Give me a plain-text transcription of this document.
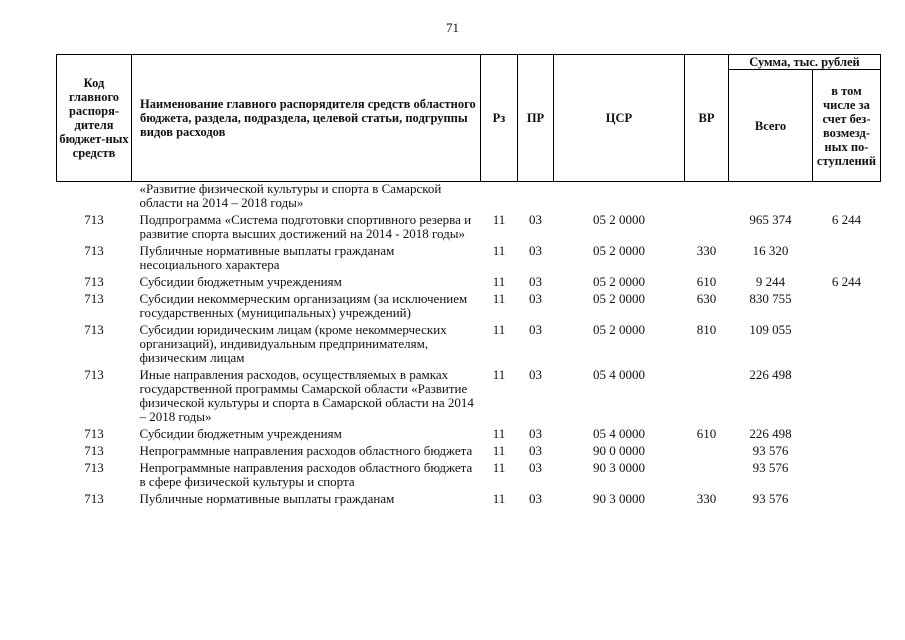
71
Код главного распоря-дителя бюджет-ных средств	Наименование главного распорядителя средств областного бюджета, раздела, подраздела, целевой статьи, подгруппы видов расходов	Рз	ПР	ЦСР	ВР	Сумма, тыс. рублей	
						Всего	в том числе за счет без-возмезд-ных по-ступлений
	«Развитие физической культуры и спорта в Самарской области на 2014 – 2018 годы»						
713	Подпрограмма «Система подготовки спортивного резерва и развитие спорта высших достижений на 2014 - 2018 годы»	11	03	05 2 0000		965 374	6 244
713	Публичные нормативные выплаты гражданам несоциального характера	11	03	05 2 0000	330	16 320	
713	Субсидии бюджетным учреждениям	11	03	05 2 0000	610	9 244	6 244
713	Субсидии некоммерческим организациям (за исключением государственных (муниципальных) учреждений)	11	03	05 2 0000	630	830 755	
713	Субсидии юридическим лицам (кроме некоммерческих организаций), индивидуальным предпринимателям, физическим лицам	11	03	05 2 0000	810	109 055	
713	Иные направления расходов, осуществляемых в рамках государственной программы Самарской области «Развитие физической культуры и спорта в Самарской области на 2014 – 2018 годы»	11	03	05 4 0000		226 498	
713	Субсидии бюджетным учреждениям	11	03	05 4 0000	610	226 498	
713	Непрограммные направления расходов областного бюджета	11	03	90 0 0000		93 576	
713	Непрограммные направления расходов областного бюджета в сфере физической культуры и спорта	11	03	90 3 0000		93 576	
713	Публичные нормативные выплаты гражданам	11	03	90 3 0000	330	93 576	
